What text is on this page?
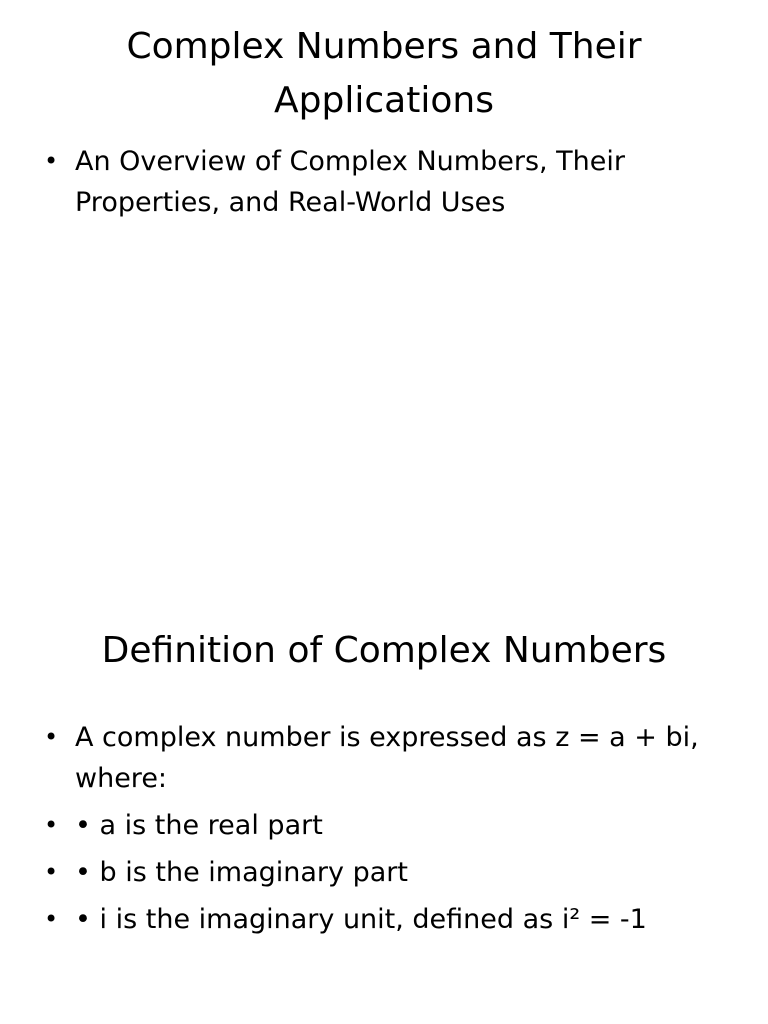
Complex Numbers and Their Applications
• An Overview of Complex Numbers, Their Properties, and Real-World Uses
Definition of Complex Numbers
• A complex number is expressed as z = a + bi, where:
• • a is the real part
• • b is the imaginary part
• • i is the imaginary unit, defined as i² = -1
